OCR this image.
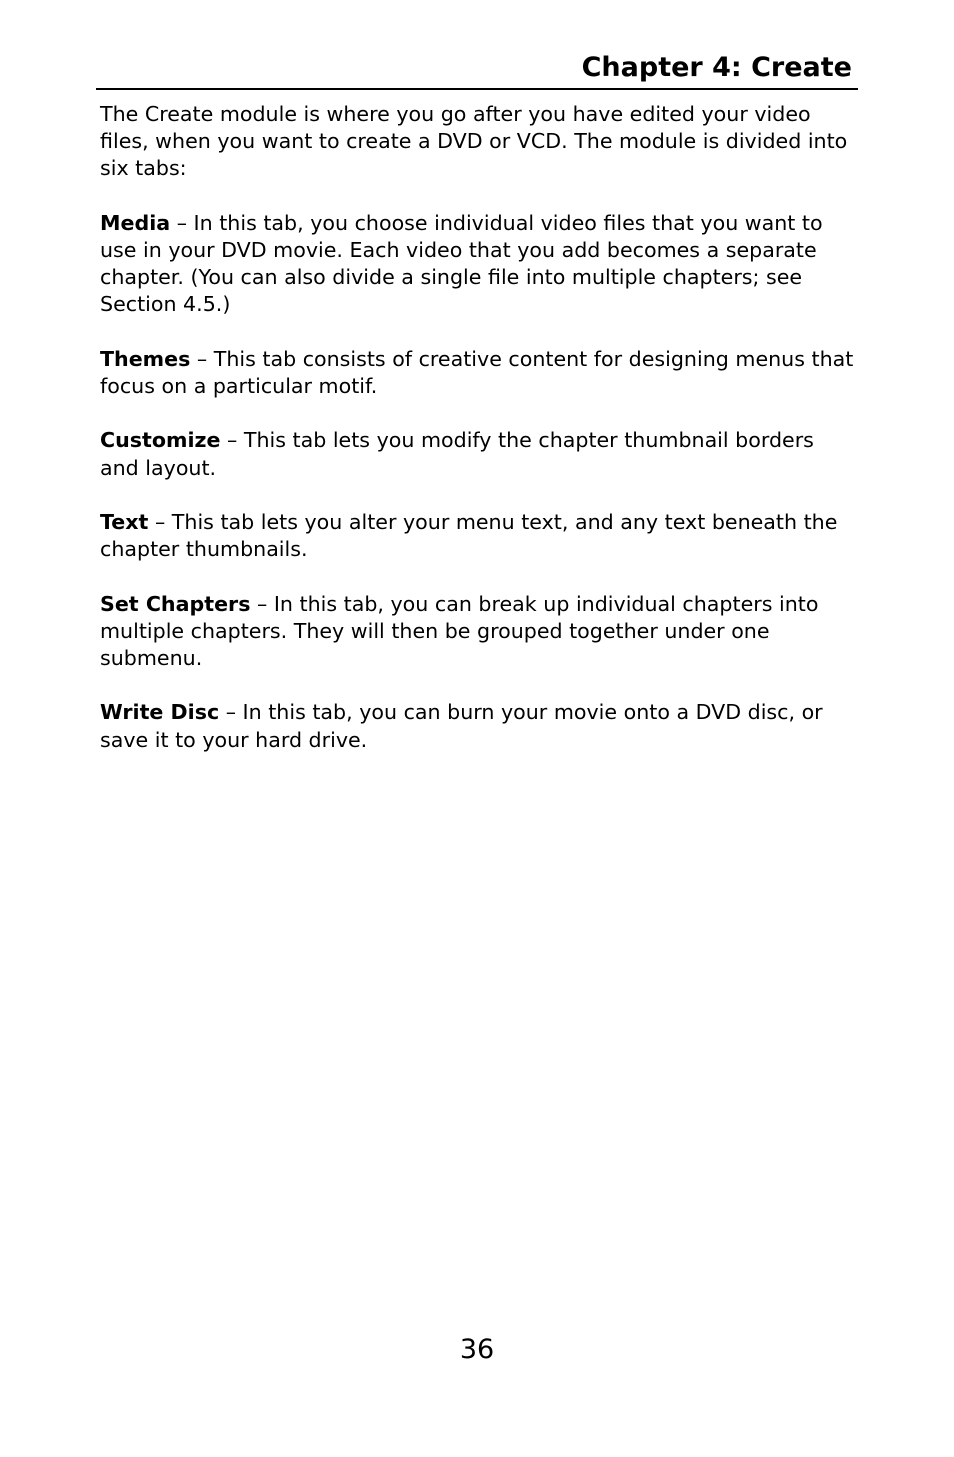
Chapter 4: Create

The Create module is where you go after you have edited your video files, when you want to create a DVD or VCD. The module is divided into six tabs:

Media – In this tab, you choose individual video files that you want to use in your DVD movie. Each video that you add becomes a separate chapter. (You can also divide a single file into multiple chapters; see Section 4.5.)

Themes – This tab consists of creative content for designing menus that focus on a particular motif.

Customize – This tab lets you modify the chapter thumbnail borders and layout.

Text – This tab lets you alter your menu text, and any text beneath the chapter thumbnails.

Set Chapters – In this tab, you can break up individual chapters into multiple chapters. They will then be grouped together under one submenu.

Write Disc – In this tab, you can burn your movie onto a DVD disc, or save it to your hard drive.

36
